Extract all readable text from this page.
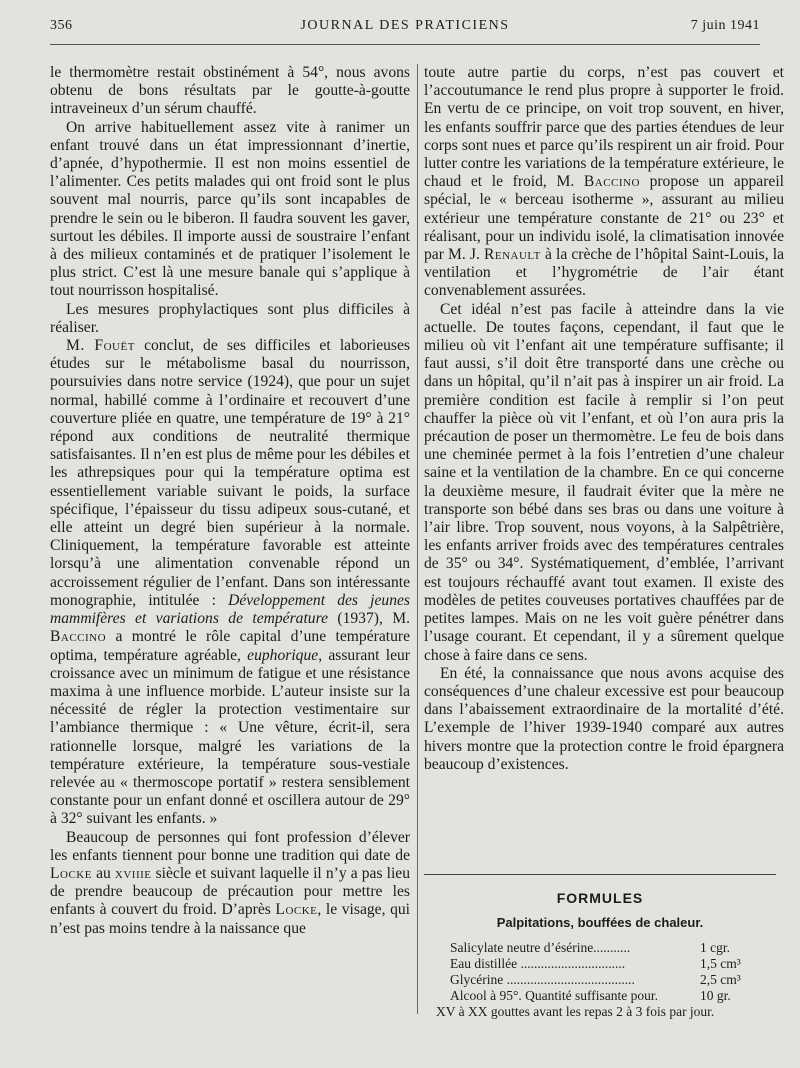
356	JOURNAL DES PRATICIENS	7 juin 1941

le thermomètre restait obstinément à 54°, nous avons obtenu de bons résultats par le goutte-à-goutte intraveineux d’un sérum chauffé.

On arrive habituellement assez vite à ranimer un enfant trouvé dans un état impressionnant d’inertie, d’apnée, d’hypothermie. Il est non moins essentiel de l’alimenter. Ces petits malades qui ont froid sont le plus souvent mal nourris, parce qu’ils sont incapables de prendre le sein ou le biberon. Il faudra souvent les gaver, surtout les débiles. Il importe aussi de soustraire l’enfant à des milieux contaminés et de pratiquer l’isolement le plus strict. C’est là une mesure banale qui s’applique à tout nourrisson hospitalisé.

Les mesures prophylactiques sont plus difficiles à réaliser.

M. Fouët conclut, de ses difficiles et laborieuses études sur le métabolisme basal du nourrisson, poursuivies dans notre service (1924), que pour un sujet normal, habillé comme à l’ordinaire et recouvert d’une couverture pliée en quatre, une température de 19° à 21° répond aux conditions de neutralité thermique satisfaisantes. Il n’en est plus de même pour les débiles et les athrepsiques pour qui la température optima est essentiellement variable suivant le poids, la surface spécifique, l’épaisseur du tissu adipeux sous-cutané, et elle atteint un degré bien supérieur à la normale. Cliniquement, la température favorable est atteinte lorsqu’à une alimentation convenable répond un accroissement régulier de l’enfant. Dans son intéressante monographie, intitulée : Développement des jeunes mammifères et variations de température (1937), M. Baccino a montré le rôle capital d’une température optima, température agréable, euphorique, assurant leur croissance avec un minimum de fatigue et une résistance maxima à une influence morbide. L’auteur insiste sur la nécessité de régler la protection vestimentaire sur l’ambiance thermique : « Une vêture, écrit-il, sera rationnelle lorsque, malgré les variations de la température extérieure, la température sous-vestiale relevée au « thermoscope portatif » restera sensiblement constante pour un enfant donné et oscillera autour de 29° à 32° suivant les enfants. »

Beaucoup de personnes qui font profession d’élever les enfants tiennent pour bonne une tradition qui date de Locke au xviiie siècle et suivant laquelle il n’y a pas lieu de prendre beaucoup de précaution pour mettre les enfants à couvert du froid. D’après Locke, le visage, qui n’est pas moins tendre à la naissance que

toute autre partie du corps, n’est pas couvert et l’accoutumance le rend plus propre à supporter le froid. En vertu de ce principe, on voit trop souvent, en hiver, les enfants souffrir parce que des parties étendues de leur corps sont nues et parce qu’ils respirent un air froid. Pour lutter contre les variations de la température extérieure, le chaud et le froid, M. Baccino propose un appareil spécial, le « berceau isotherme », assurant au milieu extérieur une température constante de 21° ou 23° et réalisant, pour un individu isolé, la climatisation innovée par M. J. Renault à la crèche de l’hôpital Saint-Louis, la ventilation et l’hygrométrie de l’air étant convenablement assurées.

Cet idéal n’est pas facile à atteindre dans la vie actuelle. De toutes façons, cependant, il faut que le milieu où vit l’enfant ait une température suffisante; il faut aussi, s’il doit être transporté dans une crèche ou dans un hôpital, qu’il n’ait pas à inspirer un air froid. La première condition est facile à remplir si l’on peut chauffer la pièce où vit l’enfant, et où l’on aura pris la précaution de poser un thermomètre. Le feu de bois dans une cheminée permet à la fois l’entretien d’une chaleur saine et la ventilation de la chambre. En ce qui concerne la deuxième mesure, il faudrait éviter que la mère ne transporte son bébé dans ses bras ou dans une voiture à l’air libre. Trop souvent, nous voyons, à la Salpêtrière, les enfants arriver froids avec des températures centrales de 35° ou 34°. Systématiquement, d’emblée, l’arrivant est toujours réchauffé avant tout examen. Il existe des modèles de petites couveuses portatives chauffées par de petites lampes. Mais on ne les voit guère pénétrer dans l’usage courant. Et cependant, il y a sûrement quelque chose à faire dans ce sens.

En été, la connaissance que nous avons acquise des conséquences d’une chaleur excessive est pour beaucoup dans l’abaissement extraordinaire de la mortalité d’été. L’exemple de l’hiver 1939-1940 comparé aux autres hivers montre que la protection contre le froid épargnera beaucoup d’existences.

FORMULES
Palpitations, bouffées de chaleur.
Salicylate neutre d’ésérine...........	1 cgr.
Eau distillée ...............................	1,5 cm³
Glycérine ......................................	2,5 cm³
Alcool à 95°. Quantité suffisante pour.	10 gr.
XV à XX gouttes avant les repas 2 à 3 fois par jour.
